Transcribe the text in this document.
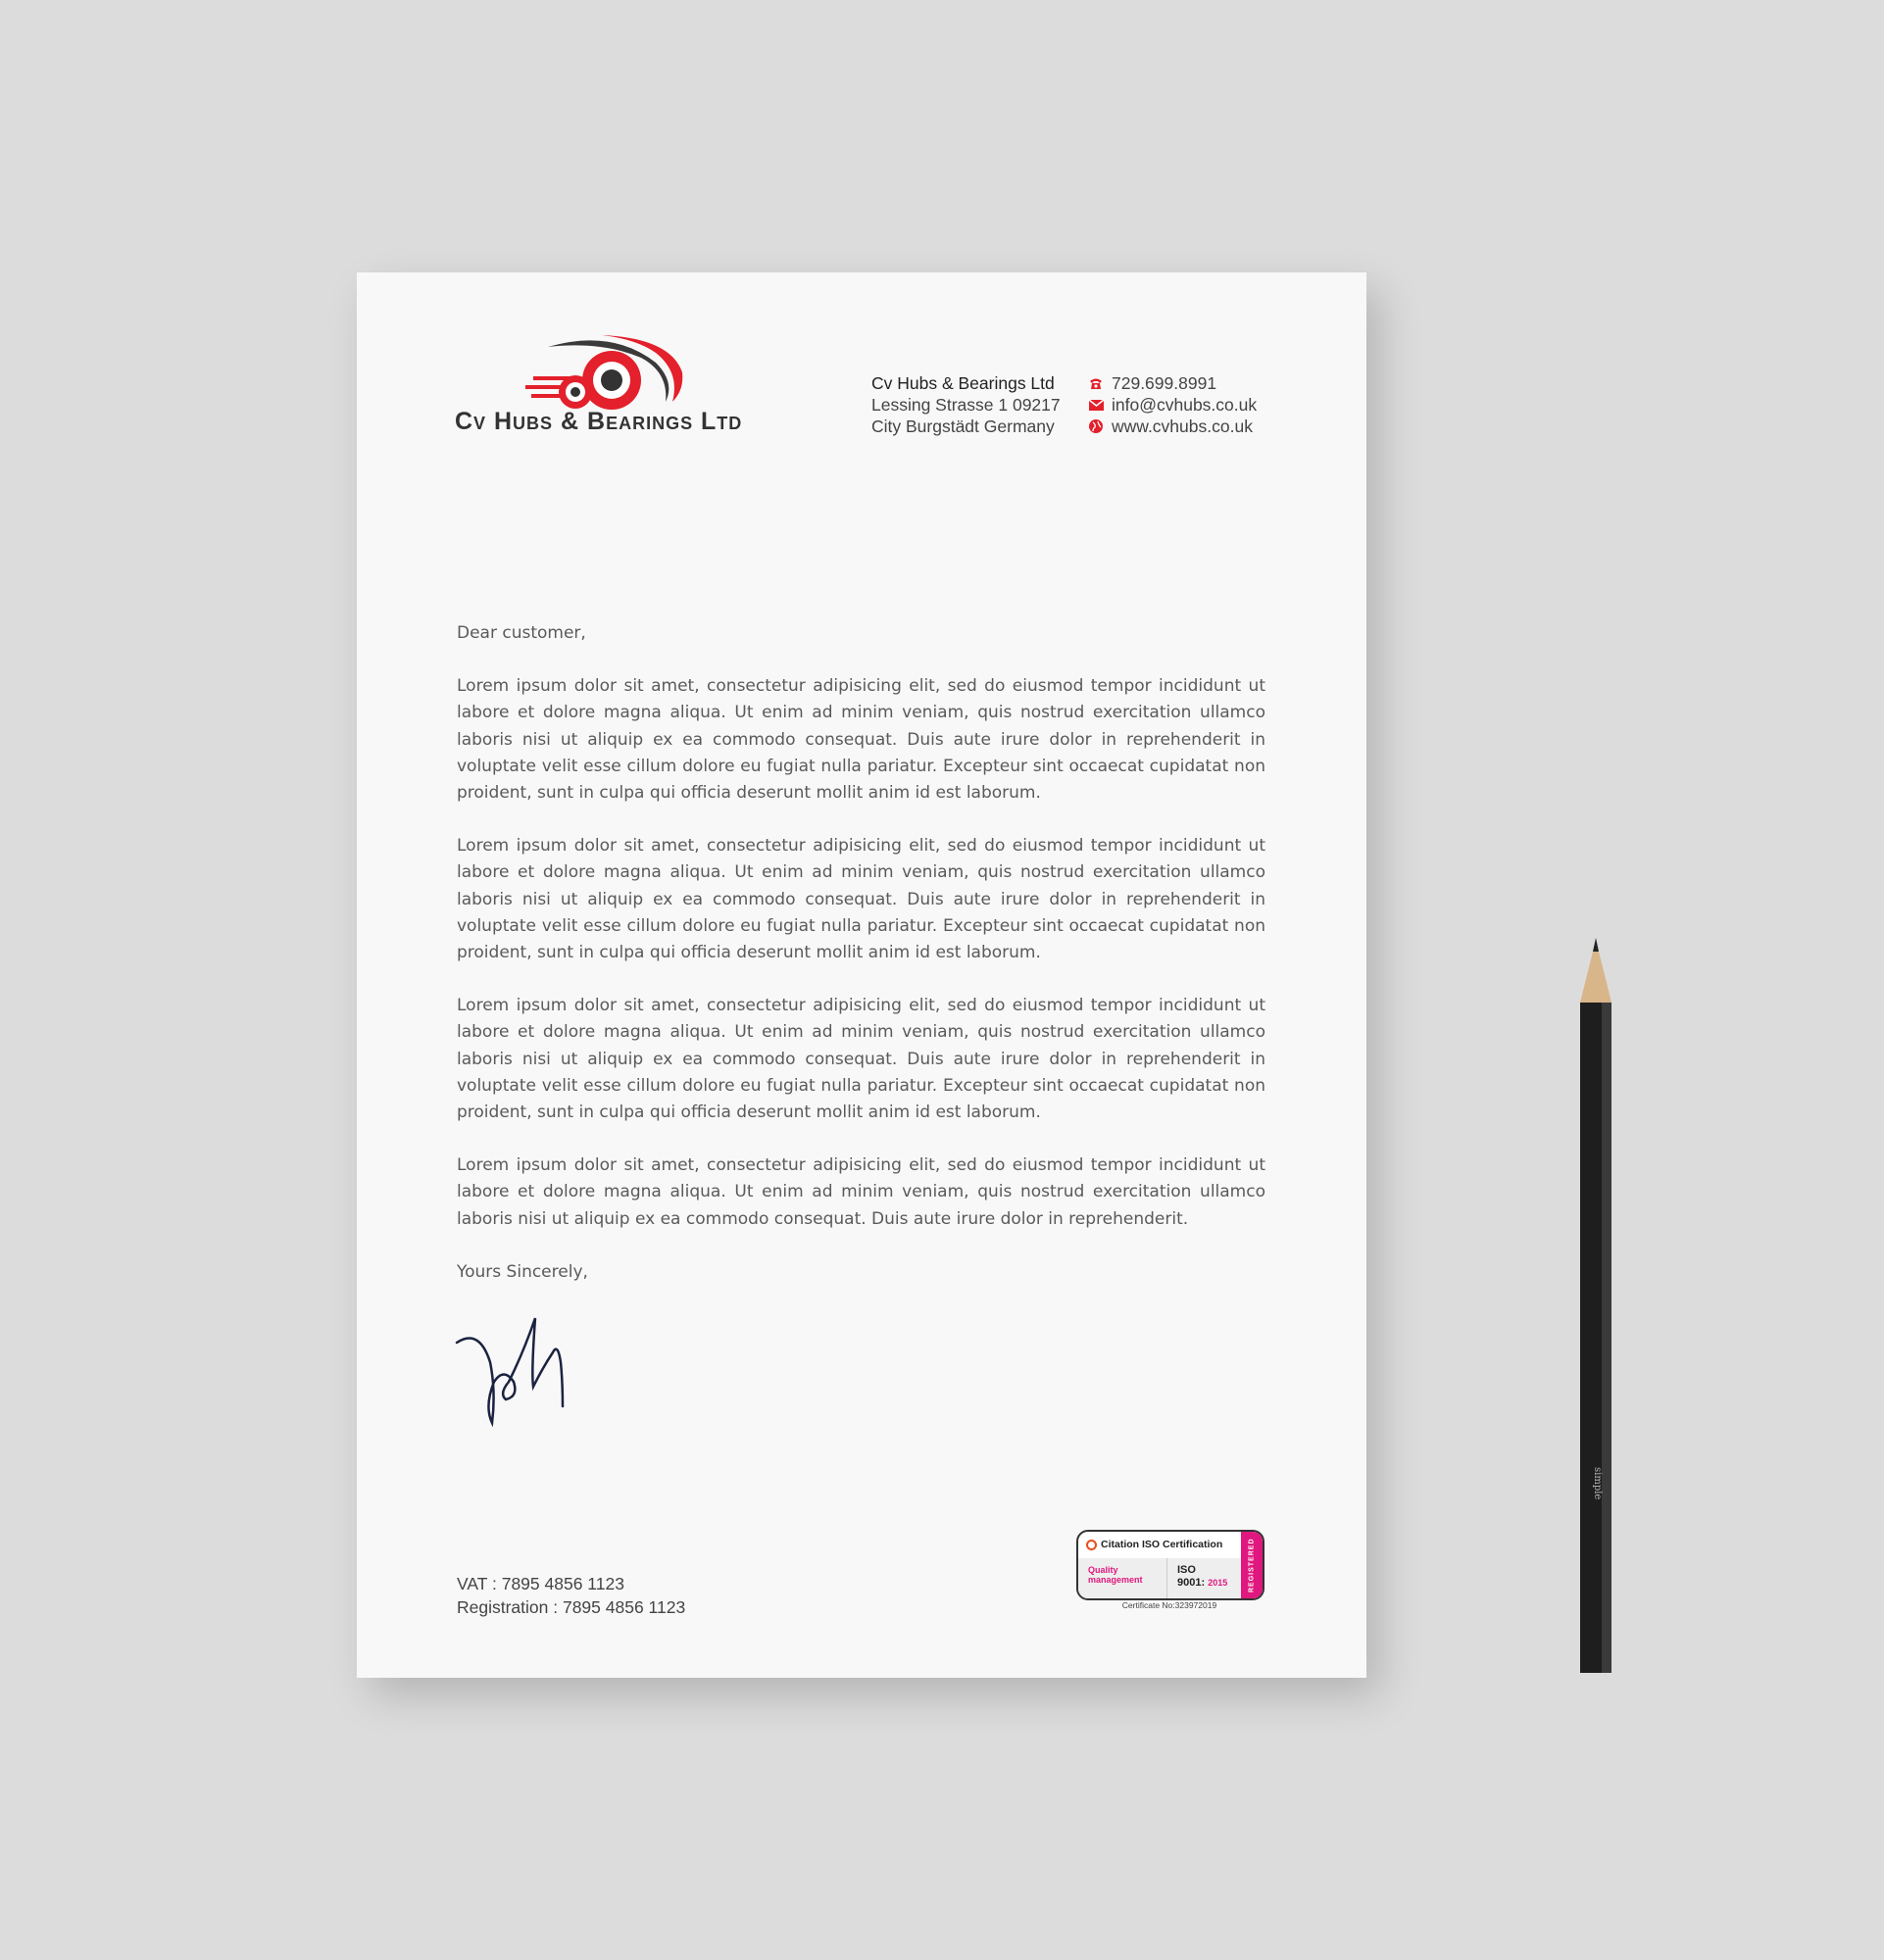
Cv Hubs & Bearings Ltd
Cv Hubs & Bearings Ltd
Lessing Strasse 1 09217
City Burgstädt Germany
729.699.8991
info@cvhubs.co.uk
www.cvhubs.co.uk

Dear customer,

Lorem ipsum dolor sit amet, consectetur adipisicing elit, sed do eiusmod tempor incididunt ut labore et dolore magna aliqua. Ut enim ad minim veniam, quis nostrud exercitation ullamco laboris nisi ut aliquip ex ea commodo consequat. Duis aute irure dolor in reprehenderit in voluptate velit esse cillum dolore eu fugiat nulla pariatur. Excepteur sint occaecat cupidatat non proident, sunt in culpa qui officia deserunt mollit anim id est laborum.

Lorem ipsum dolor sit amet, consectetur adipisicing elit, sed do eiusmod tempor incididunt ut labore et dolore magna aliqua. Ut enim ad minim veniam, quis nostrud exercitation ullamco laboris nisi ut aliquip ex ea commodo consequat. Duis aute irure dolor in reprehenderit in voluptate velit esse cillum dolore eu fugiat nulla pariatur. Excepteur sint occaecat cupidatat non proident, sunt in culpa qui officia deserunt mollit anim id est laborum.

Lorem ipsum dolor sit amet, consectetur adipisicing elit, sed do eiusmod tempor incididunt ut labore et dolore magna aliqua. Ut enim ad minim veniam, quis nostrud exercitation ullamco laboris nisi ut aliquip ex ea commodo consequat. Duis aute irure dolor in reprehenderit in voluptate velit esse cillum dolore eu fugiat nulla pariatur. Excepteur sint occaecat cupidatat non proident, sunt in culpa qui officia deserunt mollit anim id est laborum.

Lorem ipsum dolor sit amet, consectetur adipisicing elit, sed do eiusmod tempor incididunt ut labore et dolore magna aliqua. Ut enim ad minim veniam, quis nostrud exercitation ullamco laboris nisi ut aliquip ex ea commodo consequat. Duis aute irure dolor in reprehenderit.

Yours Sincerely,

VAT : 7895 4856 1123
Registration : 7895 4856 1123
Citation ISO Certification
Quality management
ISO
9001: 2015	REGISTERED
Certificate No:323972019
simple
